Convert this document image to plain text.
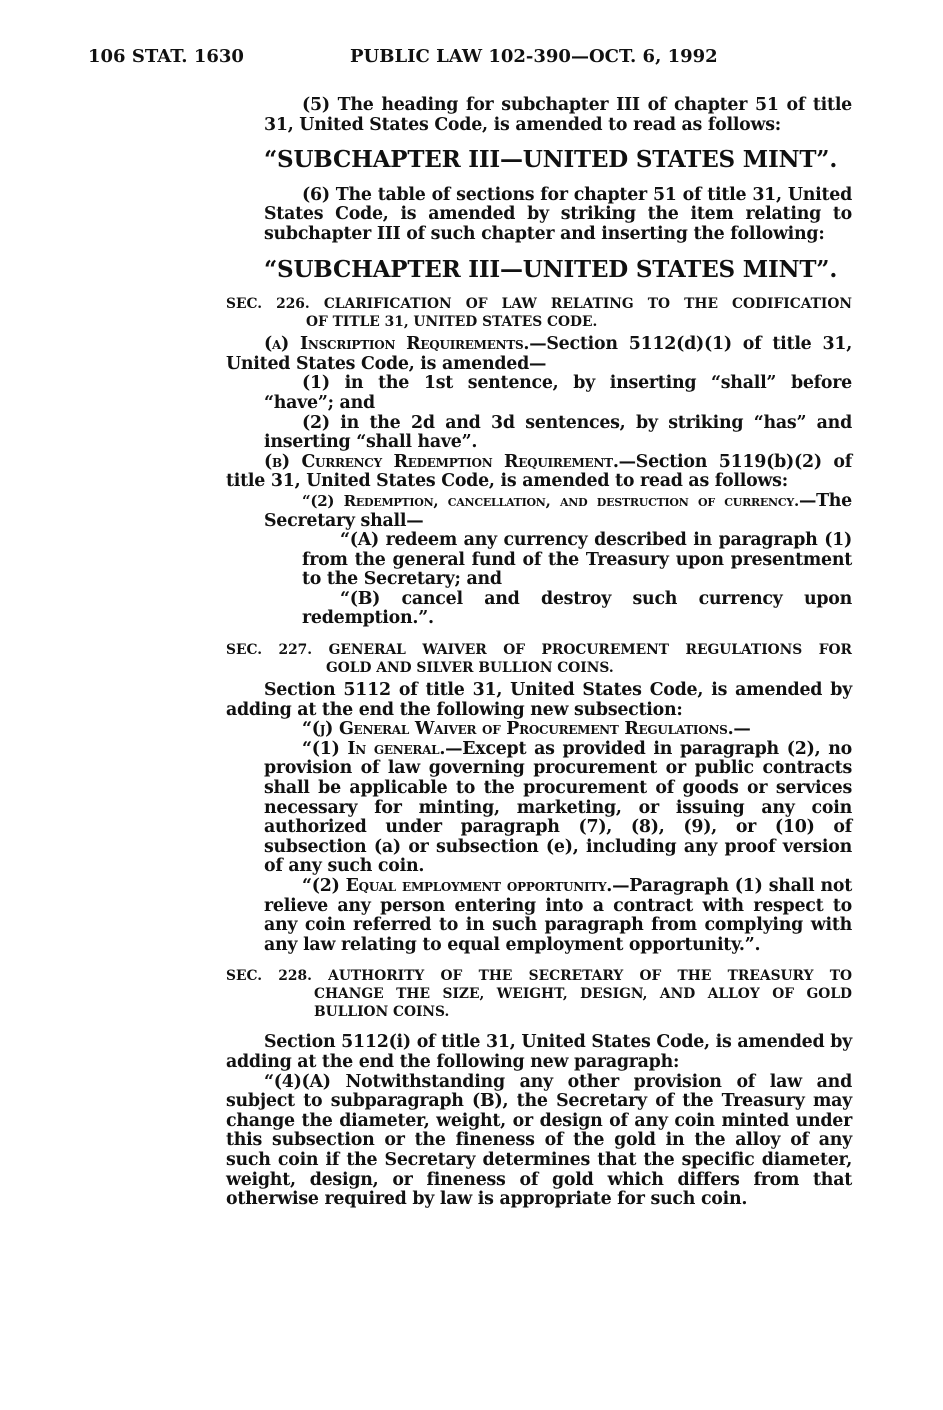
106 STAT. 1630	PUBLIC LAW 102-390—OCT. 6, 1992

(5) The heading for subchapter III of chapter 51 of title 31, United States Code, is amended to read as follows:

“SUBCHAPTER III—UNITED STATES MINT”.

(6) The table of sections for chapter 51 of title 31, United States Code, is amended by striking the item relating to subchapter III of such chapter and inserting the following:

“SUBCHAPTER III—UNITED STATES MINT”.
SEC. 226. CLARIFICATION OF LAW RELATING TO THE CODIFICATION
OF TITLE 31, UNITED STATES CODE.

(a) Inscription Requirements.—Section 5112(d)(1) of title 31, United States Code, is amended—

(1) in the 1st sentence, by inserting “shall” before “have”; and

(2) in the 2d and 3d sentences, by striking “has” and inserting “shall have”.

(b) Currency Redemption Requirement.—Section 5119(b)(2) of title 31, United States Code, is amended to read as follows:

“(2) Redemption, cancellation, and destruction of currency.—The Secretary shall—

“(A) redeem any currency described in paragraph (1) from the general fund of the Treasury upon presentment to the Secretary; and

“(B) cancel and destroy such currency upon redemption.”.

SEC. 227. GENERAL WAIVER OF PROCUREMENT REGULATIONS FOR
GOLD AND SILVER BULLION COINS.

Section 5112 of title 31, United States Code, is amended by adding at the end the following new subsection:

“(j) General Waiver of Procurement Regulations.—

“(1) In general.—Except as provided in paragraph (2), no provision of law governing procurement or public contracts shall be applicable to the procurement of goods or services necessary for minting, marketing, or issuing any coin authorized under paragraph (7), (8), (9), or (10) of subsection (a) or subsection (e), including any proof version of any such coin.

“(2) Equal employment opportunity.—Paragraph (1) shall not relieve any person entering into a contract with respect to any coin referred to in such paragraph from complying with any law relating to equal employment opportunity.”.

SEC. 228. AUTHORITY OF THE SECRETARY OF THE TREASURY TO
CHANGE THE SIZE, WEIGHT, DESIGN, AND ALLOY OF GOLD
BULLION COINS.

Section 5112(i) of title 31, United States Code, is amended by adding at the end the following new paragraph:

“(4)(A) Notwithstanding any other provision of law and subject to subparagraph (B), the Secretary of the Treasury may change the diameter, weight, or design of any coin minted under this subsection or the fineness of the gold in the alloy of any such coin if the Secretary determines that the specific diameter, weight, design, or fineness of gold which differs from that otherwise required by law is appropriate for such coin.
